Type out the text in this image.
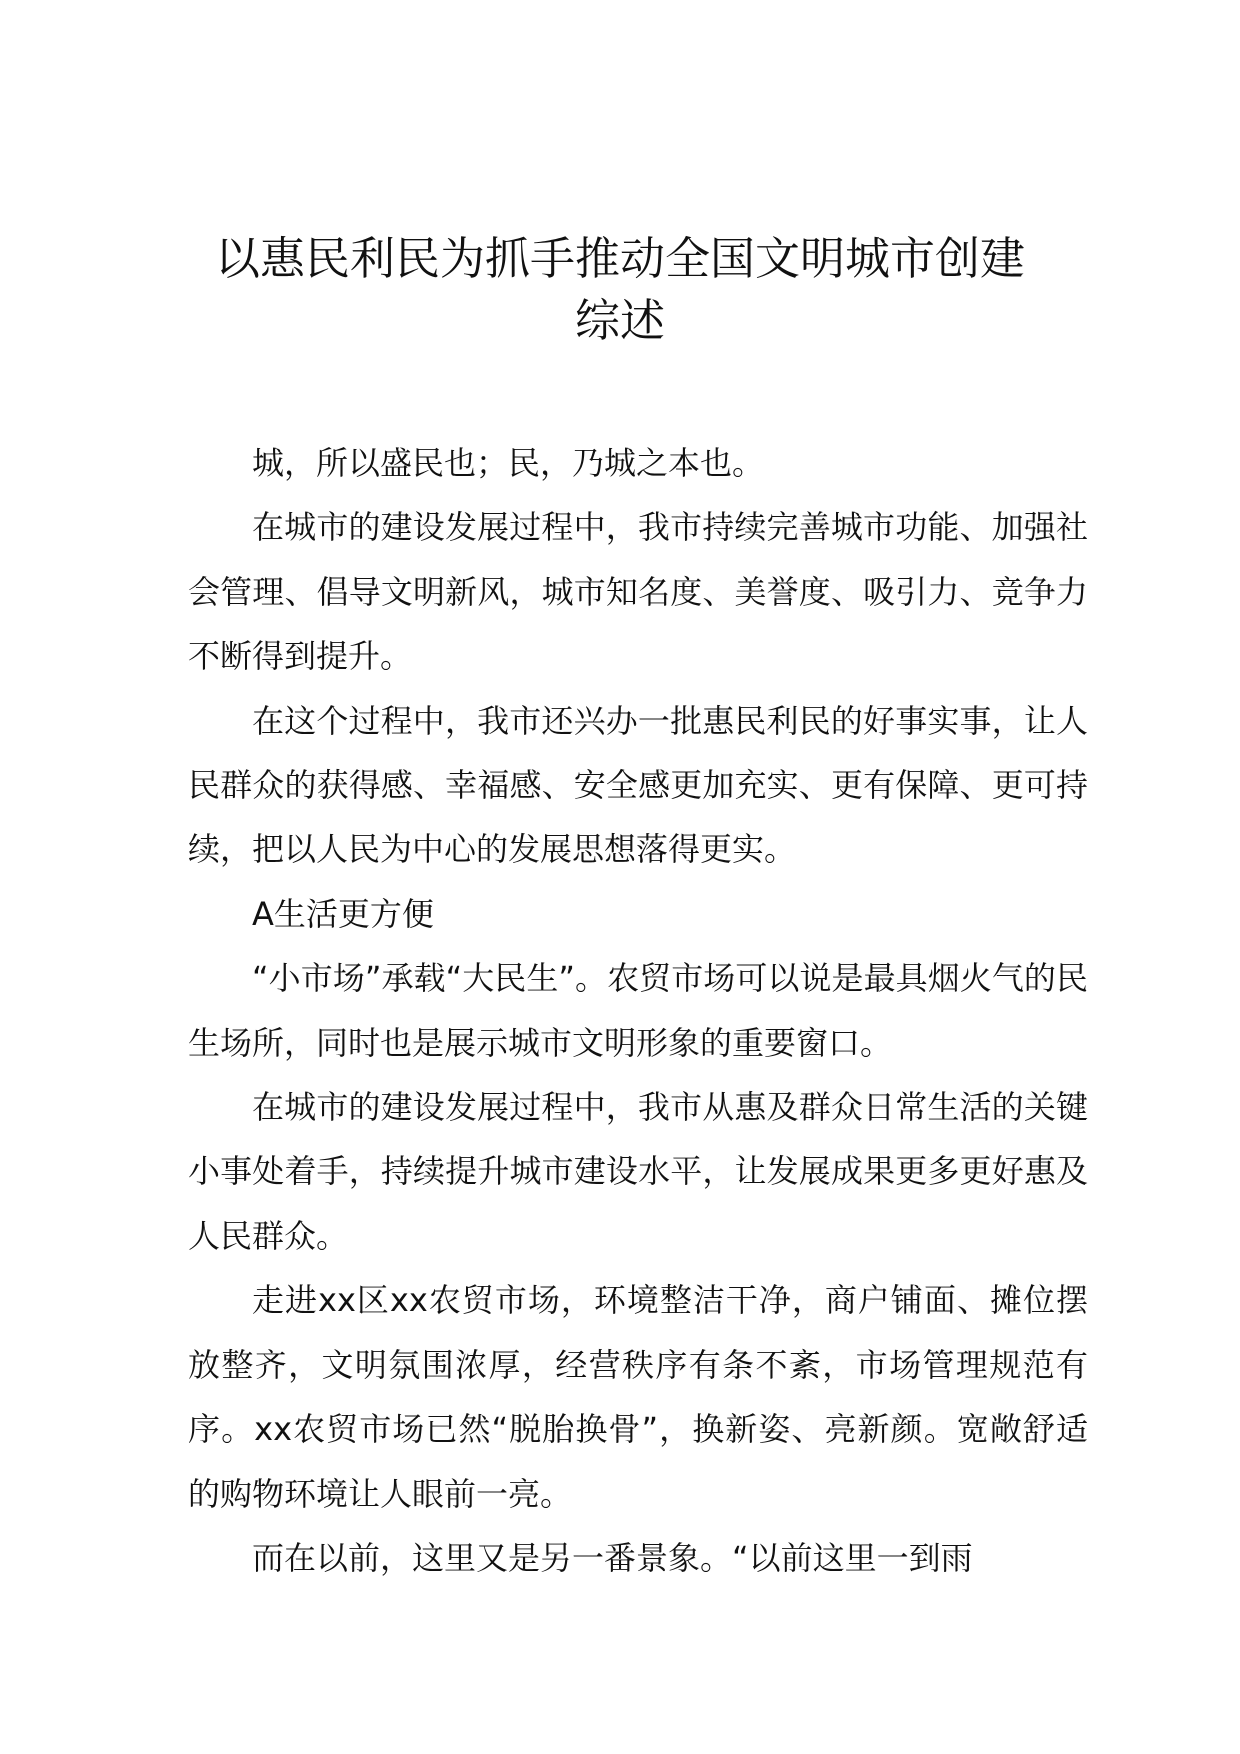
以惠民利民为抓手推动全国文明城市创建
综述

城，所以盛民也；民，乃城之本也。

在城市的建设发展过程中，我市持续完善城市功能、加强社会管理、倡导文明新风，城市知名度、美誉度、吸引力、竞争力不断得到提升。

在这个过程中，我市还兴办一批惠民利民的好事实事，让人民群众的获得感、幸福感、安全感更加充实、更有保障、更可持续，把以人民为中心的发展思想落得更实。

A生活更方便

“小市场”承载“大民生”。农贸市场可以说是最具烟火气的民生场所，同时也是展示城市文明形象的重要窗口。

在城市的建设发展过程中，我市从惠及群众日常生活的关键小事处着手，持续提升城市建设水平，让发展成果更多更好惠及人民群众。

走进xx区xx农贸市场，环境整洁干净，商户铺面、摊位摆放整齐，文明氛围浓厚，经营秩序有条不紊，市场管理规范有序。xx农贸市场已然“脱胎换骨”，换新姿、亮新颜。宽敞舒适的购物环境让人眼前一亮。

而在以前，这里又是另一番景象。“以前这里一到雨
